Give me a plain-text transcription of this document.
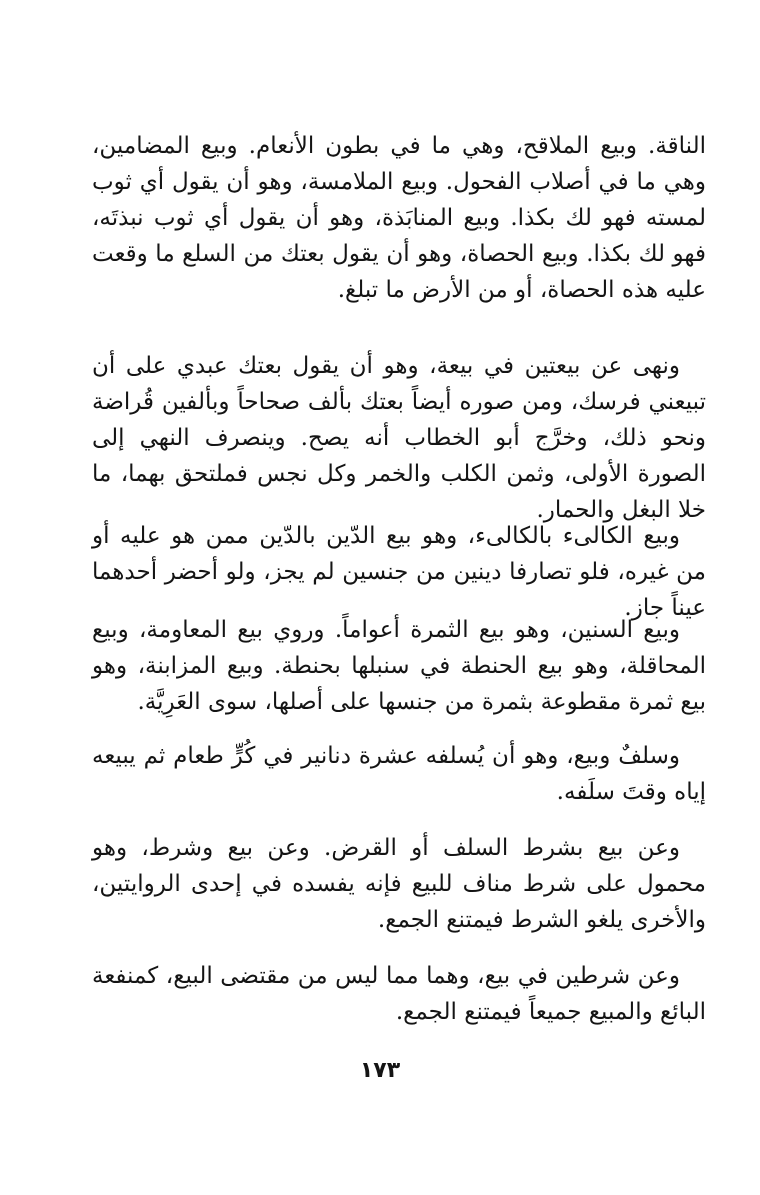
الناقة. وبيع الملاقح، وهي ما في بطون الأنعام. وبيع المضامين، وهي ما في أصلاب الفحول. وبيع الملامسة، وهو أن يقول أي ثوب لمسته فهو لك بكذا. وبيع المنابَذة، وهو أن يقول أي ثوب نبذتَه، فهو لك بكذا. وبيع الحصاة، وهو أن يقول بعتك من السلع ما وقعت عليه هذه الحصاة، أو من الأرض ما تبلغ.

ونهى عن بيعتين في بيعة، وهو أن يقول بعتك عبدي على أن تبيعني فرسك، ومن صوره أيضاً بعتك بألف صحاحاً وبألفين قُراضة ونحو ذلك، وخرَّج أبو الخطاب أنه يصح. وينصرف النهي إلى الصورة الأولى، وثمن الكلب والخمر وكل نجس فملتحق بهما، ما خلا البغل والحمار.

وبيع الكالىء بالكالىء، وهو بيع الدّين بالدّين ممن هو عليه أو من غيره، فلو تصارفا دينين من جنسين لم يجز، ولو أحضر أحدهما عيناً جاز.

وبيع السنين، وهو بيع الثمرة أعواماً. وروي بيع المعاومة، وبيع المحاقلة، وهو بيع الحنطة في سنبلها بحنطة. وبيع المزابنة، وهو بيع ثمرة مقطوعة بثمرة من جنسها على أصلها، سوى العَرِيَّة.

وسلفٌ وبيع، وهو أن يُسلفه عشرة دنانير في كُرٍّ طعام ثم يبيعه إياه وقتَ سلَفه.

وعن بيع بشرط السلف أو القرض. وعن بيع وشرط، وهو محمول على شرط مناف للبيع فإنه يفسده في إحدى الروايتين، والأخرى يلغو الشرط فيمتنع الجمع.

وعن شرطين في بيع، وهما مما ليس من مقتضى البيع، كمنفعة البائع والمبيع جميعاً فيمتنع الجمع.

١٧٣
